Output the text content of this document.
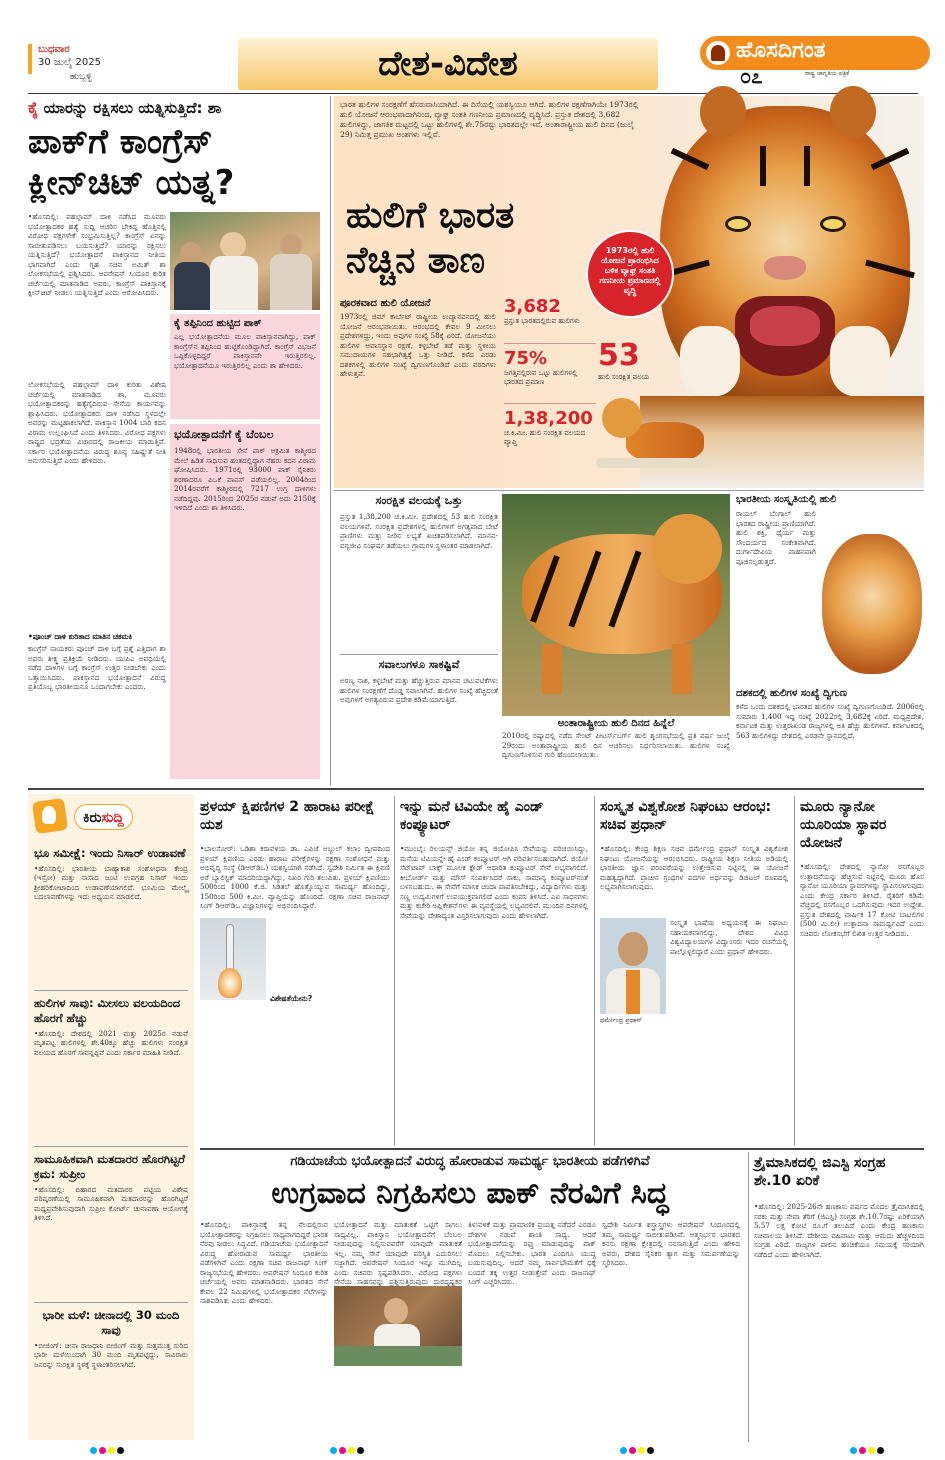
ಬುಧವಾರ
30 ಜುಲೈ 2025
ಹುಬ್ಬಳ್ಳಿ	ದೇಶ-ವಿದೇಶ	ಹೊಸದಿಗಂತ
೦೭	ರಾಷ್ಟ್ರ ಜಾಗೃತಿಯ ಪತ್ರಿಕೆ
ಕೈ ಯಾರನ್ನು ರಕ್ಷಿಸಲು ಯತ್ನಿಸುತ್ತಿದೆ: ಶಾ
ಪಾಕ್‌ಗೆ ಕಾಂಗ್ರೆಸ್
ಕ್ಲೀನ್‌ಚಿಟ್ ಯತ್ನ?
•ಹೊಸದಿಲ್ಲಿ: ಪಹಲ್ಗಾಮ್ ದಾಳಿ ನಡೆಸಿದ ಮೂವರು ಭಯೋತ್ಪಾದಕರ ಹತ್ಯೆ ಸುದ್ದಿ ಆಚರಿಸ ಬೇಕಿದ್ದ ಹೊತ್ತಿನಲ್ಲಿ ವಿರೋಧ ಪಕ್ಷಗಳೇಕೆ ಸಂಭ್ರಮಿಸುತ್ತಿಲ್ಲ? ಕಾಂಗ್ರೆಸ್ ಏನನ್ನು ಸಾಬೀತುಪಡಿಸಲು ಬಯಸುತ್ತಿದೆ? ಯಾರನ್ನು ರಕ್ಷಿಸಲು ಯತ್ನಿಸುತ್ತಿದೆ? ಭಯೋತ್ಪಾದನೆ ಪಾಕಿಸ್ತಾನದ ನೀತಿಯ ಭಾಗವಾಗಿದೆ ಎಂದು ಗೃಹ ಸಚಿವ ಅಮಿತ್ ಶಾ ಲೋಕಸಭೆಯಲ್ಲಿ ಪ್ರಶ್ನಿಸಿದರು. ಆಪರೇಷನ್ ಸಿಂದೂರ ಕುರಿತ ಚರ್ಚೆಯಲ್ಲಿ ಮಾತನಾಡಿದ ಅವರು, ಕಾಂಗ್ರೆಸ್ ಪಾಕಿಸ್ತಾನಕ್ಕೆ ಕ್ಲೀನ್‌ಚಿಟ್ ನೀಡಲು ಯತ್ನಿಸುತ್ತಿದೆ ಎಂದು ಆರೋಪಿಸಿದರು.
ಕೈ ತಪ್ಪಿನಿಂದ ಹುಟ್ಟಿದ ಪಾಕ್
ಎಲ್ಲ ಭಯೋತ್ಪಾದನೆಯ ಮೂಲ ಪಾಕಿಸ್ತಾನವಾಗಿದ್ದು, ಪಾಕ್ ಕಾಂಗ್ರೆಸ್‌ನ ತಪ್ಪಿನಿಂದ ಹುಟ್ಟಿಕೊಂಡಿದ್ದಾಗಿದೆ. ಕಾಂಗ್ರೆಸ್ ವಿಭಜನೆ ಒಪ್ಪಿಕೊಳ್ಳದಿದ್ದರೆ ಪಾಕಿಸ್ತಾನವೇ ಇರುತ್ತಿರಲಿಲ್ಲ. ಭಯೋತ್ಪಾದನೆಯೂ ಇರುತ್ತಿರಲಿಲ್ಲ ಎಂದು ಶಾ ಹೇಳಿದರು.
ಲೋಕಸಭೆಯಲ್ಲಿ ಪಹಲ್ಗಾಮ್ ದಾಳಿ ಕುರಿತು ವಿಶೇಷ ಚರ್ಚೆಯಲ್ಲಿ ಮಾತನಾಡಿದ ಶಾ, ಮೂವರು ಭಯೋತ್ಪಾದಕರನ್ನು ಹತ್ಯೆಗೈದಿರುವ ಸೇನೆಯ ಕಾರ್ಯವನ್ನು ಶ್ಲಾಘಿಸಿದರು. ಭಯೋತ್ಪಾದಕರು ದಾಳಿ ನಡೆಸಿದ ಸ್ಥಳದಲ್ಲೇ ಅವರನ್ನು ಮಟ್ಟಹಾಕಲಾಗಿದೆ. ಪಾಕಿಸ್ತಾನ 1004 ಬಾರಿ ಕದನ ವಿರಾಮ ಉಲ್ಲಂಘಿಸಿದೆ ಎಂದು ತಿಳಿಸಿದರು. ವಿರೋಧ ಪಕ್ಷಗಳು ರಾಷ್ಟ್ರದ ಭದ್ರತೆಯ ವಿಚಾರದಲ್ಲಿ ರಾಜಕೀಯ ಮಾಡುತ್ತಿವೆ. ಸರ್ಕಾರ ಭಯೋತ್ಪಾದನೆಯ ವಿರುದ್ಧ ಶೂನ್ಯ ಸಹಿಷ್ಣುತೆ ನೀತಿ ಅನುಸರಿಸುತ್ತಿದೆ ಎಂದು ಹೇಳಿದರು.
ಭಯೋತ್ಪಾದನೆಗೆ ಕೈ ಬೆಂಬಲ
1948ರಲ್ಲಿ ಭಾರತೀಯ ಸೇನೆ ಪಾಕ್ ಆಕ್ರಮಿತ ಕಾಶ್ಮೀರದ ಮೇಲೆ ಹಿಡಿತ ಸಾಧಿಸುವ ಹಂತದಲ್ಲಿದ್ದಾಗ ನೆಹರು ಕದನ ವಿರಾಮ ಘೋಷಿಸಿದರು. 1971ರಲ್ಲಿ 93000 ಪಾಕ್ ಸೈನಿಕರು ಶರಣಾದರೂ ಪಿಒಕೆ ವಾಪಸ್ ಪಡೆಯಲಿಲ್ಲ. 2004ರಿಂದ 2014ರವರೆಗೆ ಕಾಶ್ಮೀರದಲ್ಲಿ 7217 ಉಗ್ರ ದಾಳಿಗಳು ನಡೆದಿದ್ದವು. 2015ರಿಂದ 2025ರ ನಡುವೆ ಅದು 2150ಕ್ಕೆ ಇಳಿದಿದೆ ಎಂದು ಶಾ ತಿಳಿಸಿದರು.
•ಪೂಂಚ್ ದಾಳಿ ಕುರಿತಾದ ಮಾತಿನ ಚಕಮಕಿ
ಕಾಂಗ್ರೆಸ್ ನಾಯಕರು ಪೂಂಚ್ ದಾಳಿ ಬಗ್ಗೆ ಪ್ರಶ್ನೆ ಎತ್ತಿದಾಗ ಶಾ ಅವರು ತೀಕ್ಷ್ಣ ಪ್ರತಿಕ್ರಿಯೆ ನೀಡಿದರು. ಯುಪಿಎ ಅವಧಿಯಲ್ಲಿ ನಡೆದ ದಾಳಿಗಳ ಬಗ್ಗೆ ಕಾಂಗ್ರೆಸ್ ಉತ್ತರ ನೀಡಬೇಕು ಎಂದು ಒತ್ತಾಯಿಸಿದರು. ಪಾಕಿಸ್ತಾನದ ಭಯೋತ್ಪಾದನೆ ವಿರುದ್ಧ ಪ್ರತಿಯೊಬ್ಬ ಭಾರತೀಯನೂ ಒಂದಾಗಬೇಕು ಎಂದರು.
ಭಾರತ ಹುಲಿಗಳ ಸಂರಕ್ಷಣೆಗೆ ಹೆಸರುವಾಸಿಯಾಗಿದೆ. ಈ ದಿಸೆಯಲ್ಲಿ ಯಶಸ್ವಿಯೂ ಆಗಿದೆ. ಹುಲಿಗಳ ರಕ್ಷಣೆಗಾಗಿಯೇ 1973ರಲ್ಲಿ ಹುಲಿ ಯೋಜನೆ ಆರಂಭವಾದಾಗಿನಿಂದ, ವ್ಯಾಘ್ರ ಸಂತತಿ ಗಣನೀಯ ಪ್ರಮಾಣದಲ್ಲಿ ವೃದ್ಧಿಸಿದೆ. ಪ್ರಸ್ತುತ ದೇಶದಲ್ಲಿ 3,682 ಹುಲಿಗಳಿದ್ದು, ಜಾಗತಿಕ ಮಟ್ಟದಲ್ಲಿ ಒಟ್ಟು ಹುಲಿಗಳಲ್ಲಿ ಶೇ.75ರಷ್ಟು ಭಾರತದಲ್ಲೇ ಇವೆ. ಅಂತಾರಾಷ್ಟ್ರೀಯ ಹುಲಿ ದಿನದ (ಜುಲೈ 29) ನಿಮಿತ್ತ ಪ್ರಮುಖ ಅಂಶಗಳು ಇಲ್ಲಿವೆ.
ಹುಲಿಗೆ ಭಾರತ
ನೆಚ್ಚಿನ ತಾಣ	1973ರಲ್ಲಿ ಹುಲಿ ಯೋಜನೆ ಪ್ರಾರಂಭಿಸಿದ ಬಳಿಕ ವ್ಯಾಘ್ರ ಸಂತತಿ ಗಣನೀಯ ಪ್ರಮಾಣದಲ್ಲಿ ವೃದ್ಧಿ
ಪೂರಕವಾದ ಹುಲಿ ಯೋಜನೆ
1973ರಲ್ಲಿ ಜಿಮ್ ಕಾರ್ಬೆಟ್ ರಾಷ್ಟ್ರೀಯ ಉದ್ಯಾನವನದಲ್ಲಿ ಹುಲಿ ಯೋಜನೆ ಆರಂಭವಾಯಿತು. ಆರಂಭದಲ್ಲಿ ಕೇವಲ 9 ಮೀಸಲು ಪ್ರದೇಶಗಳಿದ್ದು, ಇಂದು ಅವುಗಳ ಸಂಖ್ಯೆ 58ಕ್ಕೆ ಏರಿದೆ. ಯೋಜನೆಯು ಹುಲಿಗಳ ಆವಾಸಸ್ಥಾನ ರಕ್ಷಣೆ, ಕಳ್ಳಬೇಟೆ ತಡೆ ಮತ್ತು ಸ್ಥಳೀಯ ಸಮುದಾಯಗಳ ಸಹಭಾಗಿತ್ವಕ್ಕೆ ಒತ್ತು ನೀಡಿದೆ. ಕಳೆದ ಎರಡು ದಶಕಗಳಲ್ಲಿ ಹುಲಿಗಳ ಸಂಖ್ಯೆ ದ್ವಿಗುಣಗೊಂಡಿದೆ ಎಂದು ವರದಿಗಳು ಹೇಳುತ್ತವೆ.
3,682
ಪ್ರಸ್ತುತ ಭಾರತದಲ್ಲಿರುವ ಹುಲಿಗಳು
75%
ಜಗತ್ತಿನಲ್ಲಿರುವ ಒಟ್ಟು ಹುಲಿಗಳಲ್ಲಿ ಭಾರತದ ಪ್ರಮಾಣ
1,38,200
ಚ.ಕಿ.ಮೀ. ಹುಲಿ ಸಂರಕ್ಷಿತ ವಲಯದ ವ್ಯಾಪ್ತಿ
53
ಹುಲಿ ಸಂರಕ್ಷಿತ ವಲಯ
ಸಂರಕ್ಷಿತ ವಲಯಕ್ಕೆ ಒತ್ತು
ಪ್ರಸ್ತುತ 1,38,200 ಚ.ಕಿ.ಮೀ. ಪ್ರದೇಶದಲ್ಲಿ 53 ಹುಲಿ ಸಂರಕ್ಷಿತ ವಲಯಗಳಿವೆ. ಸಂರಕ್ಷಿತ ಪ್ರದೇಶಗಳಲ್ಲಿ ಹುಲಿಗಳಿಗೆ ಅಗತ್ಯವಾದ ಬೇಟೆ ಪ್ರಾಣಿಗಳು ಮತ್ತು ನೀರಿನ ಲಭ್ಯತೆ ಖಚಿತಪಡಿಸಲಾಗಿದೆ. ಮಾನವ-ವನ್ಯಜೀವಿ ಸಂಘರ್ಷ ತಡೆಯಲು ಗ್ರಾಮಗಳ ಸ್ಥಳಾಂತರ ಮಾಡಲಾಗಿದೆ.
ಸವಾಲುಗಳೂ ಸಾಕಷ್ಟಿವೆ
ಅರಣ್ಯ ನಾಶ, ಕಳ್ಳಬೇಟೆ ಮತ್ತು ಹೆಚ್ಚುತ್ತಿರುವ ಮಾನವ ಚಟುವಟಿಕೆಗಳು ಹುಲಿಗಳ ಸಂರಕ್ಷಣೆಗೆ ದೊಡ್ಡ ಸವಾಲಾಗಿವೆ. ಹುಲಿಗಳ ಸಂಖ್ಯೆ ಹೆಚ್ಚಿದಂತೆ ಅವುಗಳಿಗೆ ಅಗತ್ಯವಿರುವ ಪ್ರದೇಶ ಕಡಿಮೆಯಾಗುತ್ತಿದೆ.
ಅಂತಾರಾಷ್ಟ್ರೀಯ ಹುಲಿ ದಿನದ ಹಿನ್ನೆಲೆ
2010ರಲ್ಲಿ ರಷ್ಯಾದಲ್ಲಿ ನಡೆದ ಸೇಂಟ್ ಪೀಟರ್ಸ್‌ಬರ್ಗ್ ಹುಲಿ ಶೃಂಗಸಭೆಯಲ್ಲಿ ಪ್ರತಿ ವರ್ಷ ಜುಲೈ 29ರಂದು ಅಂತಾರಾಷ್ಟ್ರೀಯ ಹುಲಿ ದಿನ ಆಚರಿಸಲು ನಿರ್ಧರಿಸಲಾಯಿತು. ಹುಲಿಗಳ ಸಂಖ್ಯೆ ದ್ವಿಗುಣಗೊಳಿಸುವ ಗುರಿ ಹೊಂದಲಾಯಿತು.
ಭಾರತೀಯ ಸಂಸ್ಕೃತಿಯಲ್ಲಿ ಹುಲಿ
ರಾಯಲ್ ಬೆಂಗಾಲ್ ಹುಲಿ ಭಾರತದ ರಾಷ್ಟ್ರೀಯ ಪ್ರಾಣಿಯಾಗಿದೆ. ಹುಲಿ ಶಕ್ತಿ, ಧೈರ್ಯ ಮತ್ತು ಸೌಂದರ್ಯದ ಸಂಕೇತವಾಗಿದೆ. ದುರ್ಗಾದೇವಿಯ ವಾಹನವಾಗಿ ಪೂಜಿಸಲ್ಪಡುತ್ತದೆ.
ದಶಕದಲ್ಲಿ ಹುಲಿಗಳ ಸಂಖ್ಯೆ ದ್ವಿಗುಣ
ಕಳೆದ ಒಂದು ದಶಕದಲ್ಲಿ ಭಾರತದ ಹುಲಿಗಳ ಸಂಖ್ಯೆ ದ್ವಿಗುಣಗೊಂಡಿದೆ. 2006ರಲ್ಲಿ ಸುಮಾರು 1,400 ಇದ್ದ ಸಂಖ್ಯೆ 2022ರಲ್ಲಿ 3,682ಕ್ಕೆ ಏರಿದೆ. ಮಧ್ಯಪ್ರದೇಶ, ಕರ್ನಾಟಕ ಮತ್ತು ಉತ್ತರಾಖಂಡ ರಾಜ್ಯಗಳಲ್ಲಿ ಅತಿ ಹೆಚ್ಚು ಹುಲಿಗಳಿವೆ. ಕರ್ನಾಟಕದಲ್ಲಿ 563 ಹುಲಿಗಳಿದ್ದು ದೇಶದಲ್ಲಿ ಎರಡನೇ ಸ್ಥಾನದಲ್ಲಿದೆ.
ಕಿರುಸುದ್ದಿ
ಭೂ ಸಮೀಕ್ಷೆ: ಇಂದು ನಿಸಾರ್ ಉಡಾವಣೆ
•ಹೊಸದಿಲ್ಲಿ: ಭಾರತೀಯ ಬಾಹ್ಯಾಕಾಶ ಸಂಶೋಧನಾ ಕೇಂದ್ರ (ಇಸ್ರೋ) ಮತ್ತು ನಾಸಾದ ಜಂಟಿ ಉಪಗ್ರಹ ನಿಸಾರ್ ಇಂದು ಶ್ರೀಹರಿಕೋಟಾದಿಂದ ಉಡಾವಣೆಯಾಗಲಿದೆ. ಭೂಮಿಯ ಮೇಲ್ಮೈ ಬದಲಾವಣೆಗಳನ್ನು ಇದು ಅಧ್ಯಯನ ಮಾಡಲಿದೆ.
ಹುಲಿಗಳ ಸಾವು: ಮೀಸಲು ವಲಯದಿಂದ ಹೊರಗೆ ಹೆಚ್ಚು
•ಹೊಸದಿಲ್ಲಿ: ದೇಶದಲ್ಲಿ 2021 ಮತ್ತು 2025ರ ನಡುವೆ ಮೃತಪಟ್ಟ ಹುಲಿಗಳಲ್ಲಿ ಶೇ.40ಕ್ಕೂ ಹೆಚ್ಚು ಹುಲಿಗಳು ಸಂರಕ್ಷಿತ ವಲಯದ ಹೊರಗೆ ಸಾವನ್ನಪ್ಪಿವೆ ಎಂದು ಸರ್ಕಾರ ಮಾಹಿತಿ ನೀಡಿದೆ.
ಸಾಮೂಹಿಕವಾಗಿ ಮತದಾರರ ಹೊರಗಿಟ್ಟರೆ ಕ್ರಮ: ಸುಪ್ರೀಂ
•ಹೊಸದಿಲ್ಲಿ: ಬಿಹಾರದ ಮತದಾರರ ಪಟ್ಟಿಯ ವಿಶೇಷ ಪರಿಷ್ಕರಣೆಯಲ್ಲಿ ಸಾಮೂಹಿಕವಾಗಿ ಮತದಾರರನ್ನು ಹೊರಗಿಟ್ಟರೆ ಮಧ್ಯಪ್ರವೇಶಿಸುವುದಾಗಿ ಸುಪ್ರೀಂ ಕೋರ್ಟ್ ಚುನಾವಣಾ ಆಯೋಗಕ್ಕೆ ತಿಳಿಸಿದೆ.
ಭಾರೀ ಮಳೆ: ಚೀನಾದಲ್ಲಿ 30 ಮಂದಿ ಸಾವು
•ಬೀಜಿಂಗ್: ಚೀನಾ ರಾಜಧಾನಿ ಬೀಜಿಂಗ್ ಮತ್ತು ಸುತ್ತಮುತ್ತ ಸುರಿದ ಭಾರೀ ಮಳೆಯಿಂದಾಗಿ 30 ಮಂದಿ ಮೃತಪಟ್ಟಿದ್ದು, ಸಾವಿರಾರು ಜನರನ್ನು ಸುರಕ್ಷಿತ ಸ್ಥಳಕ್ಕೆ ಸ್ಥಳಾಂತರಿಸಲಾಗಿದೆ.
ಪ್ರಳಯ್ ಕ್ಷಿಪಣಿಗಳ 2 ಹಾರಾಟ ಪರೀಕ್ಷೆ ಯಶ
•ಬಾಲಸೋರ್: ಒಡಿಶಾ ಕರಾವಳಿಯ ಡಾ. ಎಪಿಜೆ ಅಬ್ದುಲ್ ಕಲಾಂ ದ್ವೀಪದಿಂದ ಪ್ರಳಯ್ ಕ್ಷಿಪಣಿಯ ಎರಡು ಹಾರಾಟ ಪರೀಕ್ಷೆಗಳನ್ನು ರಕ್ಷಣಾ ಸಂಶೋಧನೆ ಮತ್ತು ಅಭಿವೃದ್ಧಿ ಸಂಸ್ಥೆ (ಡಿಆರ್‌ಡಿಒ) ಯಶಸ್ವಿಯಾಗಿ ನಡೆಸಿದೆ. ಸ್ವದೇಶಿ ನಿರ್ಮಿತ ಈ ಕ್ಷಿಪಣಿ ಅರೆ ಬ್ಯಾಲಿಸ್ಟಿಕ್ ಮಾದರಿಯದ್ದಾಗಿದ್ದು, ನಿಖರ ಗುರಿ ತಲುಪಿತು. ಪ್ರಳಯ್ ಕ್ಷಿಪಣಿಯು 500ರಿಂದ 1000 ಕೆ.ಜಿ. ಸಿಡಿತಲೆ ಹೊತ್ತೊಯ್ಯುವ ಸಾಮರ್ಥ್ಯ ಹೊಂದಿದ್ದು, 150ರಿಂದ 500 ಕಿ.ಮೀ. ವ್ಯಾಪ್ತಿಯನ್ನು ಹೊಂದಿದೆ. ರಕ್ಷಣಾ ಸಚಿವ ರಾಜನಾಥ್ ಸಿಂಗ್ ಡಿಆರ್‌ಡಿಒ ವಿಜ್ಞಾನಿಗಳನ್ನು ಅಭಿನಂದಿಸಿದ್ದಾರೆ.
ವಿಶೇಷತೆಯೇನು?
ಇನ್ನು ಮನೆ ಟಿವಿಯೇ ಹೈ ಎಂಡ್ ಕಂಪ್ಯೂಟರ್
•ಮುಂಬೈ: ರಿಲಯನ್ಸ್ ಜಿಯೋ ತನ್ನ ಜಿಯೋಪಿಸಿ ಸೇವೆಯನ್ನು ಪರಿಚಯಿಸಿದ್ದು, ಮನೆಯ ಟಿವಿಯನ್ನೇ ಹೈ ಎಂಡ್ ಕಂಪ್ಯೂಟರ್ ಆಗಿ ಪರಿವರ್ತಿಸಬಹುದಾಗಿದೆ. ಜಿಯೋ ಸೆಟ್‌ಟಾಪ್ ಬಾಕ್ಸ್ ಮೂಲಕ ಕ್ಲೌಡ್ ಆಧಾರಿತ ಕಂಪ್ಯೂಟರ್ ಸೇವೆ ಲಭ್ಯವಾಗಲಿದೆ. ಕೀಬೋರ್ಡ್ ಮತ್ತು ಮೌಸ್ ಸಂಪರ್ಕಿಸಿದರೆ ಸಾಕು, ಸಾಮಾನ್ಯ ಕಂಪ್ಯೂಟರ್‌ನಂತೆ ಬಳಸಬಹುದು. ಈ ಸೇವೆಗೆ ಮಾಸಿಕ ಚಂದಾ ಪಾವತಿಸಬೇಕಿದ್ದು, ವಿದ್ಯಾರ್ಥಿಗಳು ಮತ್ತು ಸಣ್ಣ ಉದ್ಯಮಿಗಳಿಗೆ ಉಪಯುಕ್ತವಾಗಲಿದೆ ಎಂದು ಕಂಪನಿ ತಿಳಿಸಿದೆ. ಎಐ ಸಾಧನಗಳು ಮತ್ತು ಕಚೇರಿ ಅಪ್ಲಿಕೇಶನ್‌ಗಳು ಈ ವ್ಯವಸ್ಥೆಯಲ್ಲಿ ಲಭ್ಯವಿರಲಿವೆ. ಮುಂದಿನ ದಿನಗಳಲ್ಲಿ ಸೇವೆಯನ್ನು ದೇಶಾದ್ಯಂತ ವಿಸ್ತರಿಸಲಾಗುವುದು ಎಂದು ಹೇಳಲಾಗಿದೆ.
ಸಂಸ್ಕೃತ ವಿಶ್ವಕೋಶ ನಿಘಂಟು ಆರಂಭ: ಸಚಿವ ಪ್ರಧಾನ್
•ಹೊಸದಿಲ್ಲಿ: ಕೇಂದ್ರ ಶಿಕ್ಷಣ ಸಚಿವ ಧರ್ಮೇಂದ್ರ ಪ್ರಧಾನ್ ಸಂಸ್ಕೃತ ವಿಶ್ವಕೋಶ ನಿಘಂಟು ಯೋಜನೆಯನ್ನು ಆರಂಭಿಸಿದರು. ರಾಷ್ಟ್ರೀಯ ಶಿಕ್ಷಣ ನೀತಿಯ ಅಡಿಯಲ್ಲಿ ಭಾರತೀಯ ಜ್ಞಾನ ಪರಂಪರೆಯನ್ನು ಉತ್ತೇಜಿಸುವ ನಿಟ್ಟಿನಲ್ಲಿ ಈ ಯೋಜನೆ ಮಹತ್ವದ್ದಾಗಿದೆ. ಪ್ರಾಚೀನ ಗ್ರಂಥಗಳ ಪದಗಳ ಅರ್ಥವನ್ನು ಡಿಜಿಟಲ್ ರೂಪದಲ್ಲಿ ಲಭ್ಯವಾಗಿಸಲಾಗುವುದು.
ಧರ್ಮೇಂದ್ರ ಪ್ರಧಾನ್
ಸಂಸ್ಕೃತ ಭಾಷೆಯ ಅಧ್ಯಯನಕ್ಕೆ ಈ ನಿಘಂಟು ಸಹಾಯಕವಾಗಲಿದ್ದು, ದೇಶದ ವಿವಿಧ ವಿಶ್ವವಿದ್ಯಾಲಯಗಳ ವಿದ್ವಾಂಸರು ಇದರ ರಚನೆಯಲ್ಲಿ ಪಾಲ್ಗೊಳ್ಳಲಿದ್ದಾರೆ ಎಂದು ಪ್ರಧಾನ್ ಹೇಳಿದರು.
ಮೂರು ನ್ಯಾನೋ ಯೂರಿಯಾ ಸ್ಥಾವರ ಯೋಜನೆ
•ಹೊಸದಿಲ್ಲಿ: ದೇಶದಲ್ಲಿ ನ್ಯಾನೋ ರಸಗೊಬ್ಬರ ಉತ್ಪಾದನೆಯನ್ನು ಹೆಚ್ಚಿಸುವ ನಿಟ್ಟಿನಲ್ಲಿ ಮೂರು ಹೊಸ ನ್ಯಾನೋ ಯೂರಿಯಾ ಸ್ಥಾವರಗಳನ್ನು ಸ್ಥಾಪಿಸಲಾಗುವುದು ಎಂದು ಕೇಂದ್ರ ಸರ್ಕಾರ ತಿಳಿಸಿದೆ. ರೈತರಿಗೆ ಕಡಿಮೆ ವೆಚ್ಚದಲ್ಲಿ ರಸಗೊಬ್ಬರ ಒದಗಿಸುವುದು ಇದರ ಉದ್ದೇಶ. ಪ್ರಸ್ತುತ ದೇಶದಲ್ಲಿ ವಾರ್ಷಿಕ 17 ಕೋಟಿ ಬಾಟಲಿಗಳ (500 ಮಿ.ಲೀ) ಉತ್ಪಾದನಾ ಸಾಮರ್ಥ್ಯವಿದೆ ಎಂದು ಸಚಿವರು ಲೋಕಸಭೆಗೆ ಲಿಖಿತ ಉತ್ತರ ನೀಡಿದರು.
ಗಡಿಯಾಚೆಯ ಭಯೋತ್ಪಾದನೆ ವಿರುದ್ಧ ಹೋರಾಡುವ ಸಾಮರ್ಥ್ಯ ಭಾರತೀಯ ಪಡೆಗಳಿಗಿವೆ
ಉಗ್ರವಾದ ನಿಗ್ರಹಿಸಲು ಪಾಕ್ ನೆರವಿಗೆ ಸಿದ್ಧ
•ಹೊಸದಿಲ್ಲಿ: ಪಾಕಿಸ್ತಾನಕ್ಕೆ ತನ್ನ ನೆಲದಲ್ಲಿರುವ ಭಯೋತ್ಪಾದಕರನ್ನು ನಿಗ್ರಹಿಸಲು ಸಾಧ್ಯವಾಗದಿದ್ದರೆ ಭಾರತ ನೆರವು ನೀಡಲು ಸಿದ್ಧವಿದೆ. ಗಡಿಯಾಚೆಯ ಭಯೋತ್ಪಾದನೆ ವಿರುದ್ಧ ಹೋರಾಡುವ ಸಾಮರ್ಥ್ಯ ಭಾರತೀಯ ಪಡೆಗಳಿಗಿವೆ ಎಂದು ರಕ್ಷಣಾ ಸಚಿವ ರಾಜನಾಥ್ ಸಿಂಗ್ ರಾಜ್ಯಸಭೆಯಲ್ಲಿ ಹೇಳಿದರು. ಆಪರೇಷನ್ ಸಿಂದೂರ ಕುರಿತ ಚರ್ಚೆಯಲ್ಲಿ ಅವರು ಮಾತನಾಡಿದರು. ಭಾರತದ ಸೇನೆ ಕೇವಲ 22 ನಿಮಿಷಗಳಲ್ಲಿ ಭಯೋತ್ಪಾದಕರ ನೆಲೆಗಳನ್ನು ನಾಶಪಡಿಸಿತು ಎಂದು ಹೇಳಿದರು.
ಭಯೋತ್ಪಾದನೆ ಮತ್ತು ಮಾತುಕತೆ ಒಟ್ಟಿಗೆ ಸಾಗಲು ಸಾಧ್ಯವಿಲ್ಲ. ಪಾಕಿಸ್ತಾನ ಭಯೋತ್ಪಾದನೆಗೆ ಬೆಂಬಲ ನೀಡುವುದನ್ನು ನಿಲ್ಲಿಸುವವರೆಗೆ ಯಾವುದೇ ಮಾತುಕತೆ ಇಲ್ಲ. ನಮ್ಮ ಸೇನೆ ಯಾವುದೇ ಪರಿಸ್ಥಿತಿ ಎದುರಿಸಲು ಸಜ್ಜಾಗಿದೆ. ಆಪರೇಷನ್ ಸಿಂದೂರ ಇನ್ನೂ ಮುಗಿದಿಲ್ಲ ಎಂದು ಸಚಿವರು ಸ್ಪಷ್ಟಪಡಿಸಿದರು. ವಿರೋಧ ಪಕ್ಷಗಳು ಸೇನೆಯ ಸಾಹಸವನ್ನು ಪ್ರಶ್ನಿಸುತ್ತಿರುವುದು ದುರದೃಷ್ಟಕರ
ತಿಳುವಳಿಕೆ ಮತ್ತು ಪ್ರಾಮಾಣಿಕ ಪ್ರಯತ್ನ ನಡೆದರೆ ಎರಡೂ ದೇಶಗಳ ನಡುವೆ ಶಾಂತಿ ಸಾಧ್ಯ. ಆದರೆ ಭಯೋತ್ಪಾದನೆಯನ್ನು ರಫ್ತು ಮಾಡುವುದನ್ನು ಪಾಕ್ ಮೊದಲು ನಿಲ್ಲಿಸಬೇಕು. ಭಾರತ ಎಂದಿಗೂ ಯುದ್ಧ ಬಯಸುವುದಿಲ್ಲ. ಆದರೆ ನಮ್ಮ ಸಾರ್ವಭೌಮತೆಗೆ ಧಕ್ಕೆ ಬಂದರೆ ತಕ್ಕ ಉತ್ತರ ನೀಡುತ್ತೇವೆ ಎಂದು ರಾಜನಾಥ್ ಸಿಂಗ್ ಎಚ್ಚರಿಸಿದರು.
ಸ್ವದೇಶಿ ನಿರ್ಮಿತ ಶಸ್ತ್ರಾಸ್ತ್ರಗಳು ಆಪರೇಷನ್ ಸಿಂದೂರದಲ್ಲಿ ತಮ್ಮ ಸಾಮರ್ಥ್ಯ ಸಾಬೀತುಪಡಿಸಿವೆ. ಆತ್ಮನಿರ್ಭರ ಭಾರತದ ಕನಸು ರಕ್ಷಣಾ ಕ್ಷೇತ್ರದಲ್ಲಿ ನನಸಾಗುತ್ತಿದೆ ಎಂದು ಹೇಳಿದ ಅವರು, ದೇಶದ ಸೈನಿಕರ ತ್ಯಾಗ ಮತ್ತು ಸಮರ್ಪಣೆಯನ್ನು ಸ್ಮರಿಸಿದರು.
ತ್ರೈಮಾಸಿಕದಲ್ಲಿ ಜಿಎಸ್ಟಿ ಸಂಗ್ರಹ ಶೇ.10 ಏರಿಕೆ
•ಹೊಸದಿಲ್ಲಿ: 2025-26ನೇ ಹಣಕಾಸು ವರ್ಷದ ಮೊದಲ ತ್ರೈಮಾಸಿಕದಲ್ಲಿ ಸರಕು ಮತ್ತು ಸೇವಾ ತೆರಿಗೆ (ಜಿಎಸ್ಟಿ) ಸಂಗ್ರಹ ಶೇ.10.7ರಷ್ಟು ಏರಿಕೆಯಾಗಿ 5.57 ಲಕ್ಷ ಕೋಟಿ ರೂ.ಗೆ ತಲುಪಿದೆ ಎಂದು ಕೇಂದ್ರ ಹಣಕಾಸು ಸಚಿವಾಲಯ ತಿಳಿಸಿದೆ. ದೇಶೀಯ ವಹಿವಾಟು ಮತ್ತು ಆಮದು ಹೆಚ್ಚಳದಿಂದ ಸಂಗ್ರಹ ಏರಿದೆ. ರಾಜ್ಯಗಳ ಪಾಲಿನ ಹಂಚಿಕೆಯೂ ಸಮಯಕ್ಕೆ ಸರಿಯಾಗಿ ನಡೆದಿದೆ ಎಂದು ಹೇಳಲಾಗಿದೆ.
